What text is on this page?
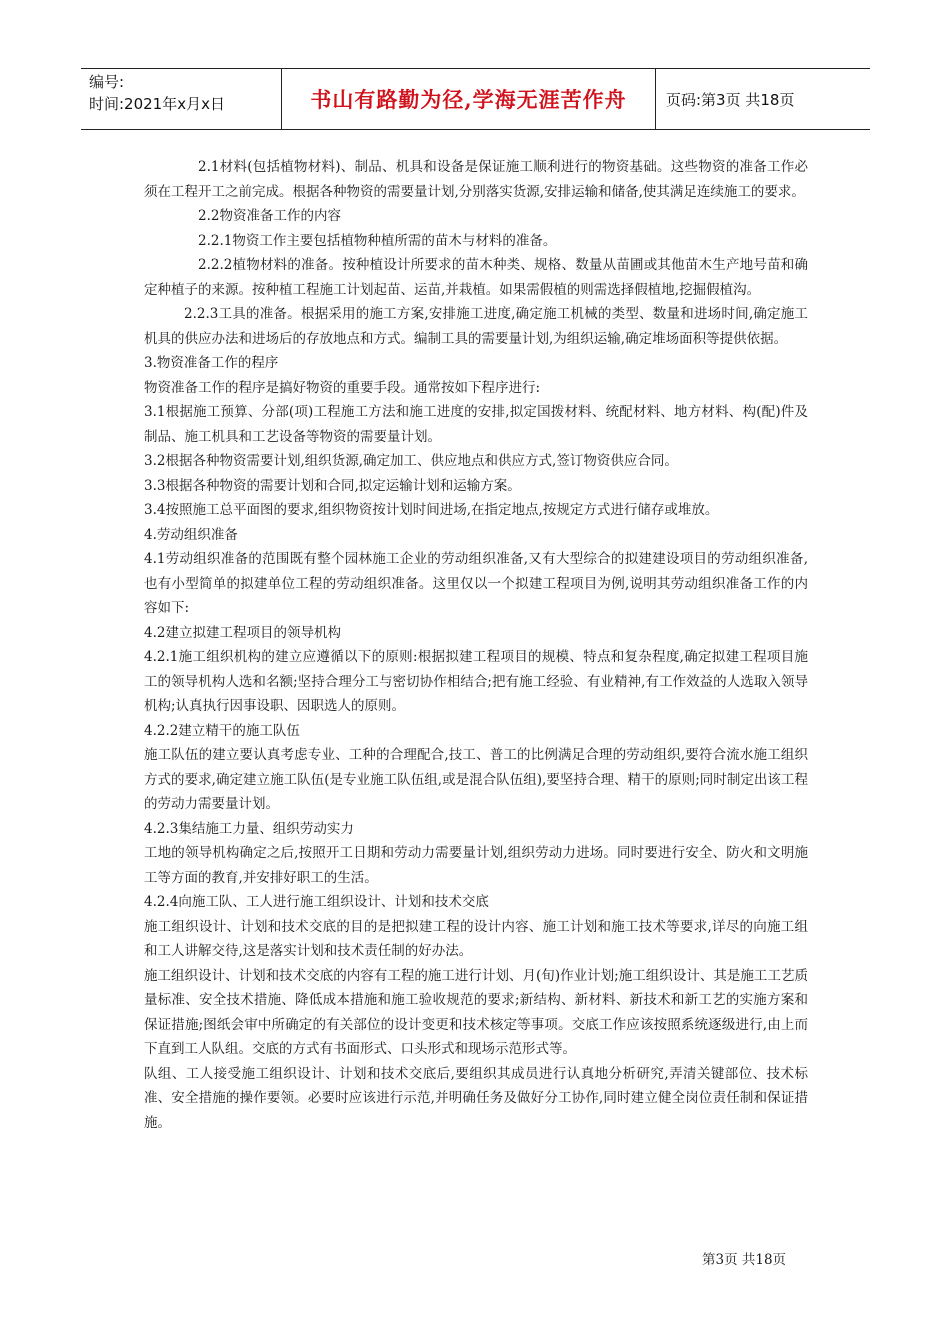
编号:
时间:2021年x月x日	书山有路勤为径,学海无涯苦作舟	页码:第3页 共18页

2.1材料(包括植物材料)、制品、机具和设备是保证施工顺利进行的物资基础。这些物资的准备工作必须在工程开工之前完成。根据各种物资的需要量计划,分别落实货源,安排运输和储备,使其满足连续施工的要求。

2.2物资准备工作的内容

2.2.1物资工作主要包括植物种植所需的苗木与材料的准备。

2.2.2植物材料的准备。按种植设计所要求的苗木种类、规格、数量从苗圃或其他苗木生产地号苗和确定种植子的来源。按种植工程施工计划起苗、运苗,并栽植。如果需假植的则需选择假植地,挖掘假植沟。

2.2.3工具的准备。根据采用的施工方案,安排施工进度,确定施工机械的类型、数量和进场时间,确定施工机具的供应办法和进场后的存放地点和方式。编制工具的需要量计划,为组织运输,确定堆场面积等提供依据。

3.物资准备工作的程序

物资准备工作的程序是搞好物资的重要手段。通常按如下程序进行:

3.1根据施工预算、分部(项)工程施工方法和施工进度的安排,拟定国拨材料、统配材料、地方材料、构(配)件及制品、施工机具和工艺设备等物资的需要量计划。

3.2根据各种物资需要计划,组织货源,确定加工、供应地点和供应方式,签订物资供应合同。

3.3根据各种物资的需要计划和合同,拟定运输计划和运输方案。

3.4按照施工总平面图的要求,组织物资按计划时间进场,在指定地点,按规定方式进行储存或堆放。

4.劳动组织准备

4.1劳动组织准备的范围既有整个园林施工企业的劳动组织准备,又有大型综合的拟建建设项目的劳动组织准备,也有小型简单的拟建单位工程的劳动组织准备。这里仅以一个拟建工程项目为例,说明其劳动组织准备工作的内容如下:

4.2建立拟建工程项目的领导机构

4.2.1施工组织机构的建立应遵循以下的原则:根据拟建工程项目的规模、特点和复杂程度,确定拟建工程项目施工的领导机构人选和名额;坚持合理分工与密切协作相结合;把有施工经验、有业精神,有工作效益的人选取入领导机构;认真执行因事设职、因职选人的原则。

4.2.2建立精干的施工队伍

施工队伍的建立要认真考虑专业、工种的合理配合,技工、普工的比例满足合理的劳动组织,要符合流水施工组织方式的要求,确定建立施工队伍(是专业施工队伍组,或是混合队伍组),要坚持合理、精干的原则;同时制定出该工程的劳动力需要量计划。

4.2.3集结施工力量、组织劳动实力

工地的领导机构确定之后,按照开工日期和劳动力需要量计划,组织劳动力进场。同时要进行安全、防火和文明施工等方面的教育,并安排好职工的生活。

4.2.4向施工队、工人进行施工组织设计、计划和技术交底

施工组织设计、计划和技术交底的目的是把拟建工程的设计内容、施工计划和施工技术等要求,详尽的向施工组和工人讲解交待,这是落实计划和技术责任制的好办法。

施工组织设计、计划和技术交底的内容有工程的施工进行计划、月(旬)作业计划;施工组织设计、其是施工工艺质量标准、安全技术措施、降低成本措施和施工验收规范的要求;新结构、新材料、新技术和新工艺的实施方案和保证措施;图纸会审中所确定的有关部位的设计变更和技术核定等事项。交底工作应该按照系统逐级进行,由上而下直到工人队组。交底的方式有书面形式、口头形式和现场示范形式等。

队组、工人接受施工组织设计、计划和技术交底后,要组织其成员进行认真地分析研究,弄清关键部位、技术标准、安全措施的操作要领。必要时应该进行示范,并明确任务及做好分工协作,同时建立健全岗位责任制和保证措施。

第3页 共18页
